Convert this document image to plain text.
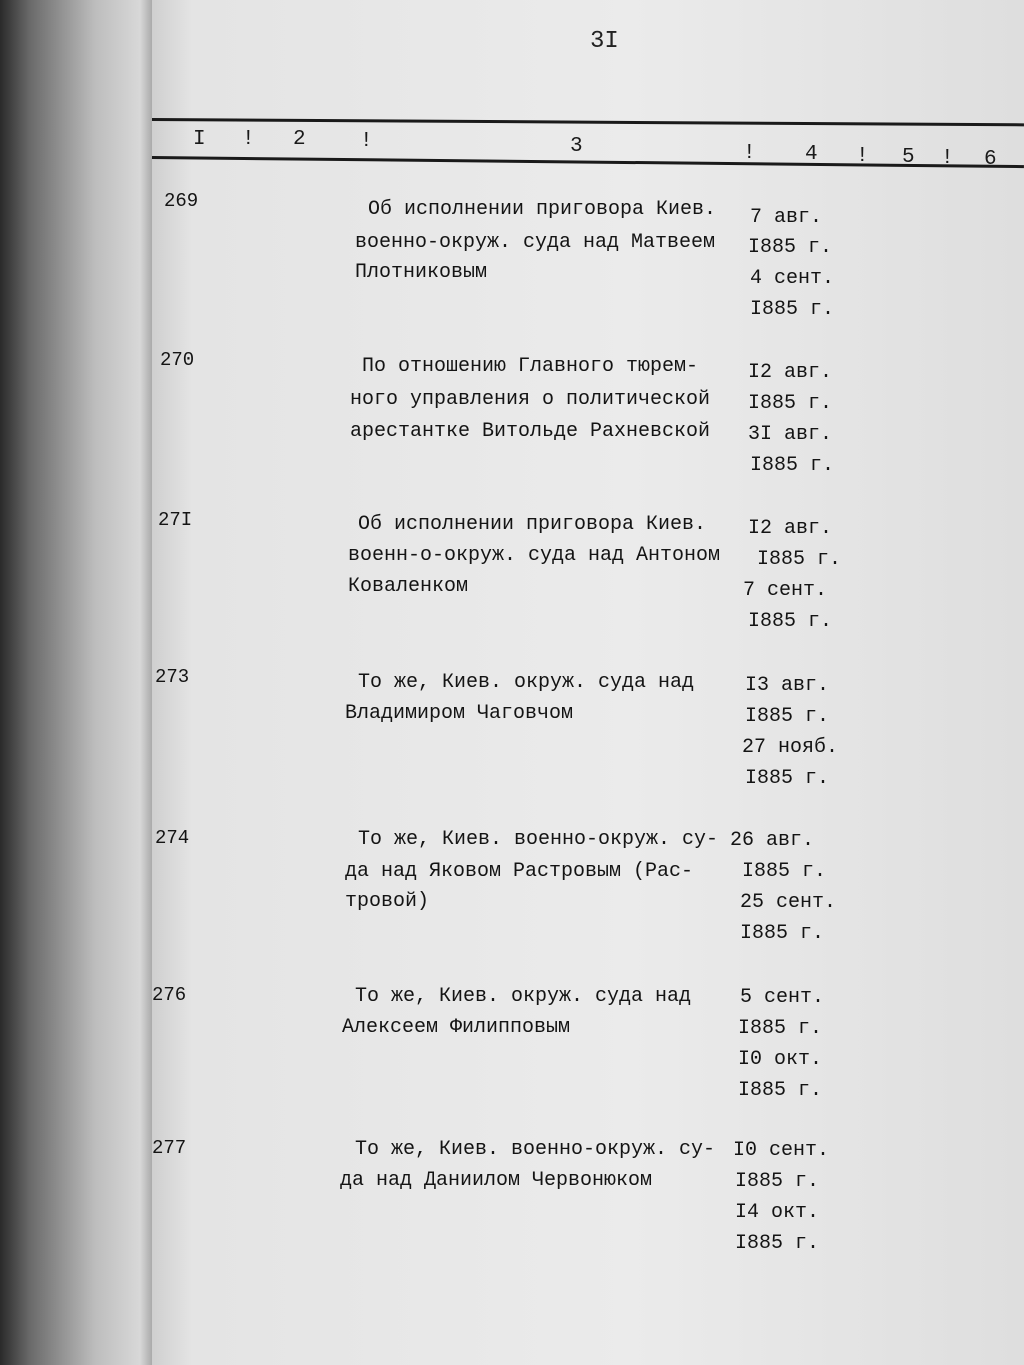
3I
I ! 2	!	3	! 4 ! 5 ! 6
269	Об исполнении приговора Киев.
военно-окруж. суда над Матвеем
Плотниковым
7 авг.
I885 г.
4 сент.
I885 г.
270	По отношению Главного тюрем-
ного управления о политической
арестантке Витольде Рахневской
I2 авг.
I885 г.
3I авг.
I885 г.
27I	Об исполнении приговора Киев.
военн-о-окруж. суда над Антоном
Коваленком
I2 авг.
I885 г.
7 сент.
I885 г.
273	То же, Киев. окруж. суда над
Владимиром Чаговчом
I3 авг.
I885 г.
27 нояб.
I885 г.
274	То же, Киев. военно-окруж. су-
да над Яковом Растровым (Рас-
тровой)
26 авг.
I885 г.
25 сент.
I885 г.
276	То же, Киев. окруж. суда над
Алексеем Филипповым
5 сент.
I885 г.
I0 окт.
I885 г.
277	То же, Киев. военно-окруж. су-
да над Даниилом Червонюком
I0 сент.
I885 г.
I4 окт.
I885 г.
